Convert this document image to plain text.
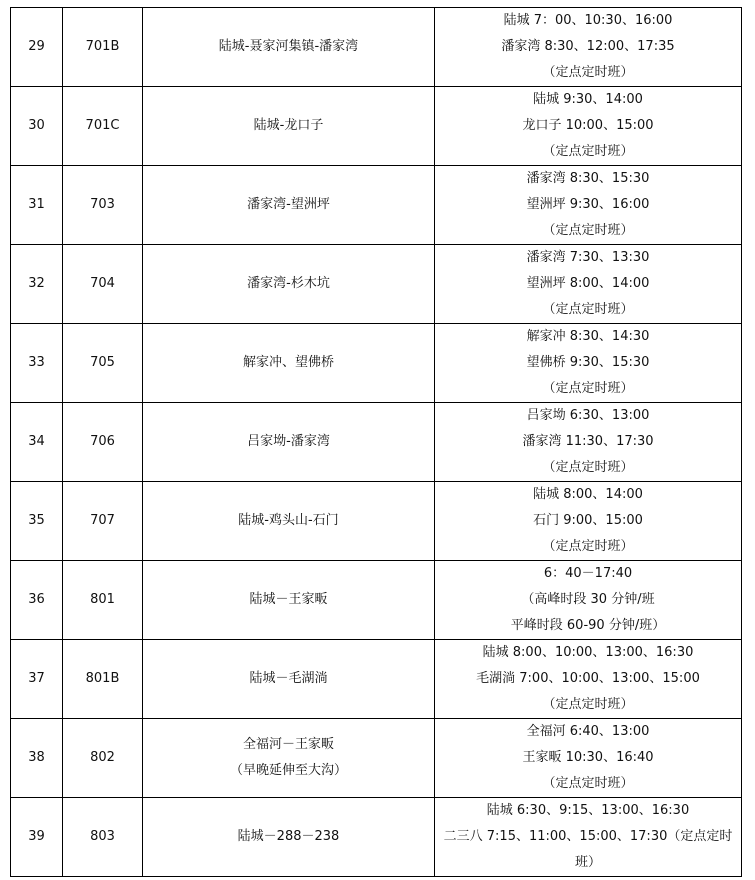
29	701B	陆城-聂家河集镇-潘家湾	陆城 7：00、10:30、16:00
潘家湾 8:30、12:00、17:35
（定点定时班）

30	701C	陆城-龙口子	陆城 9:30、14:00
龙口子 10:00、15:00
（定点定时班）

31	703	潘家湾-望洲坪	潘家湾 8:30、15:30
望洲坪 9:30、16:00
（定点定时班）

32	704	潘家湾-杉木坑	潘家湾 7:30、13:30
望洲坪 8:00、14:00
（定点定时班）

33	705	解家冲、望佛桥	解家冲 8:30、14:30
望佛桥 9:30、15:30
（定点定时班）

34	706	吕家坳-潘家湾	吕家坳 6:30、13:00
潘家湾 11:30、17:30
（定点定时班）

35	707	陆城-鸡头山-石门	陆城 8:00、14:00
石门 9:00、15:00
（定点定时班）

36	801	陆城－王家畈	6：40－17:40
（高峰时段 30 分钟/班
平峰时段 60-90 分钟/班）

37	801B	陆城－毛湖淌	陆城 8:00、10:00、13:00、16:30
毛湖淌 7:00、10:00、13:00、15:00
（定点定时班）

38	802	全福河－王家畈
（早晚延伸至大沟）	全福河 6:40、13:00
王家畈 10:30、16:40
（定点定时班）

39	803	陆城－288－238	陆城 6:30、9:15、13:00、16:30
二三八 7:15、11:00、15:00、17:30（定点定时班）
